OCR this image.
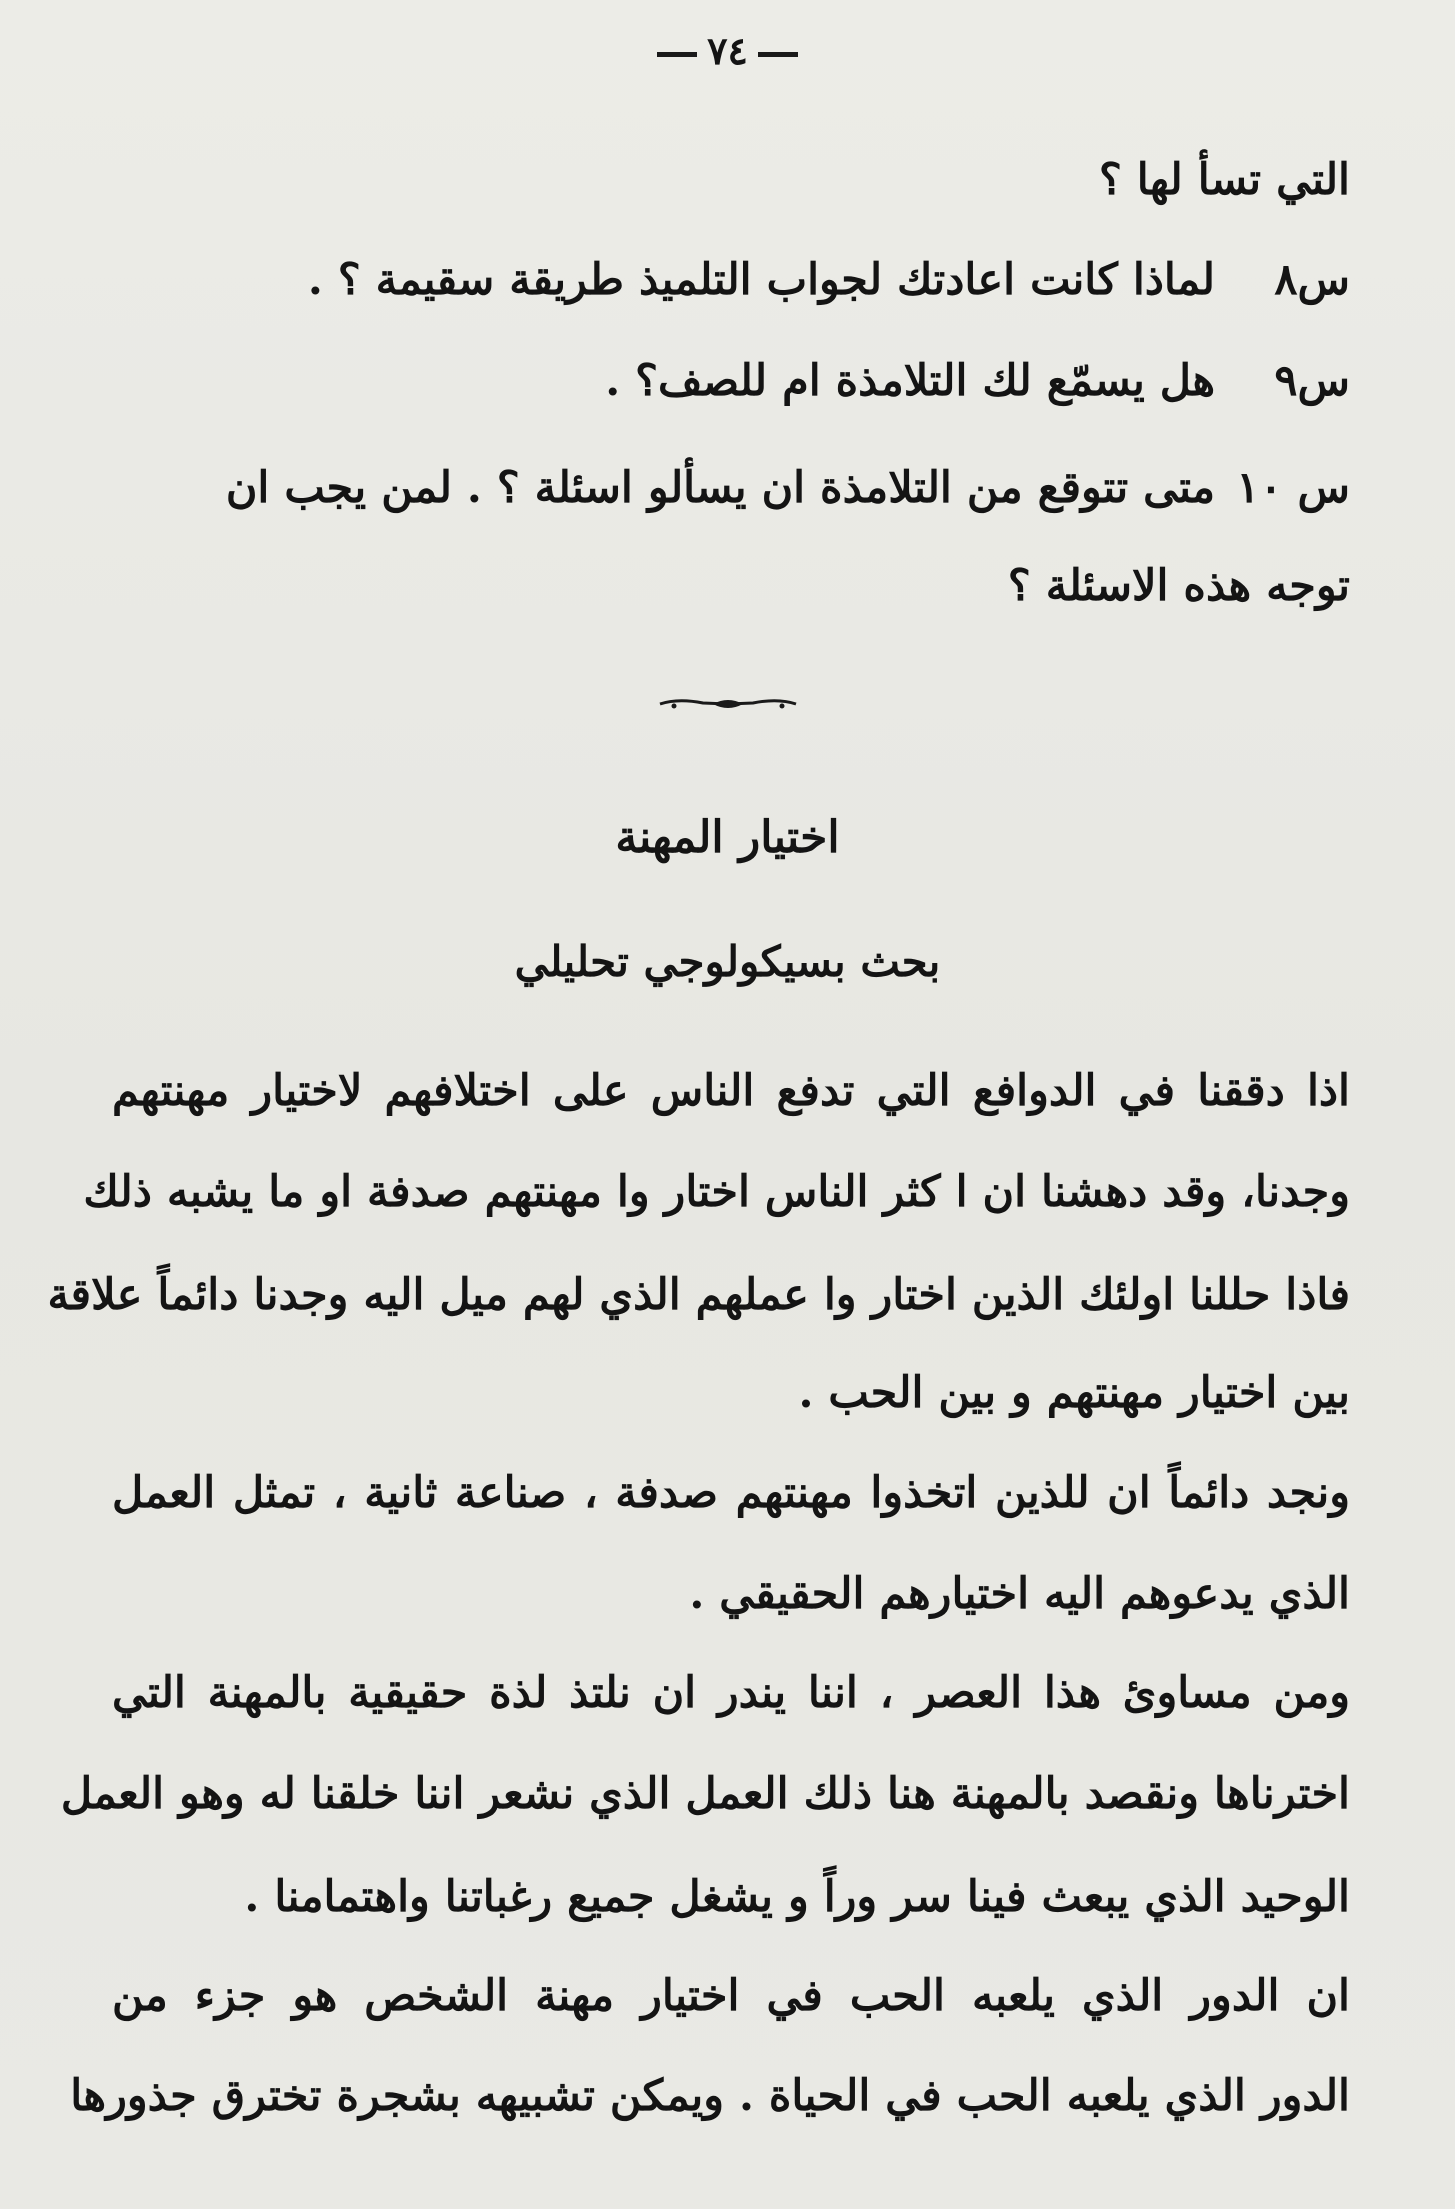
٧٤
التي تسأ لها ؟
س٨لماذا كانت اعادتك لجواب التلميذ طريقة سقيمة ؟ .
س٩هل يسمّع لك التلامذة ام للصف؟ .
س ١٠متى تتوقع من التلامذة ان يسألو اسئلة ؟ . لمن يجب ان
توجه هذه الاسئلة ؟
اختيار المهنة
بحث بسيكولوجي تحليلي
اذا دققنا في الدوافع التي تدفع الناس على اختلافهم لاختيار مهنتهم
وجدنا، وقد دهشنا ان ا كثر الناس اختار وا مهنتهم صدفة او ما يشبه ذلك
فاذا حللنا اولئك الذين اختار وا عملهم الذي لهم ميل اليه وجدنا دائماً علاقة
بين اختيار مهنتهم و بين الحب .
ونجد دائماً ان للذين اتخذوا مهنتهم صدفة ، صناعة ثانية ، تمثل العمل
الذي يدعوهم اليه اختيارهم الحقيقي .
ومن مساوئ هذا العصر ، اننا يندر ان نلتذ لذة حقيقية بالمهنة التي
اخترناها ونقصد بالمهنة هنا ذلك العمل الذي نشعر اننا خلقنا له وهو العمل
الوحيد الذي يبعث فينا سر وراً و يشغل جميع رغباتنا واهتمامنا .
ان الدور الذي يلعبه الحب في اختيار مهنة الشخص هو جزء من
الدور الذي يلعبه الحب في الحياة . ويمكن تشبيهه بشجرة تخترق جذورها
